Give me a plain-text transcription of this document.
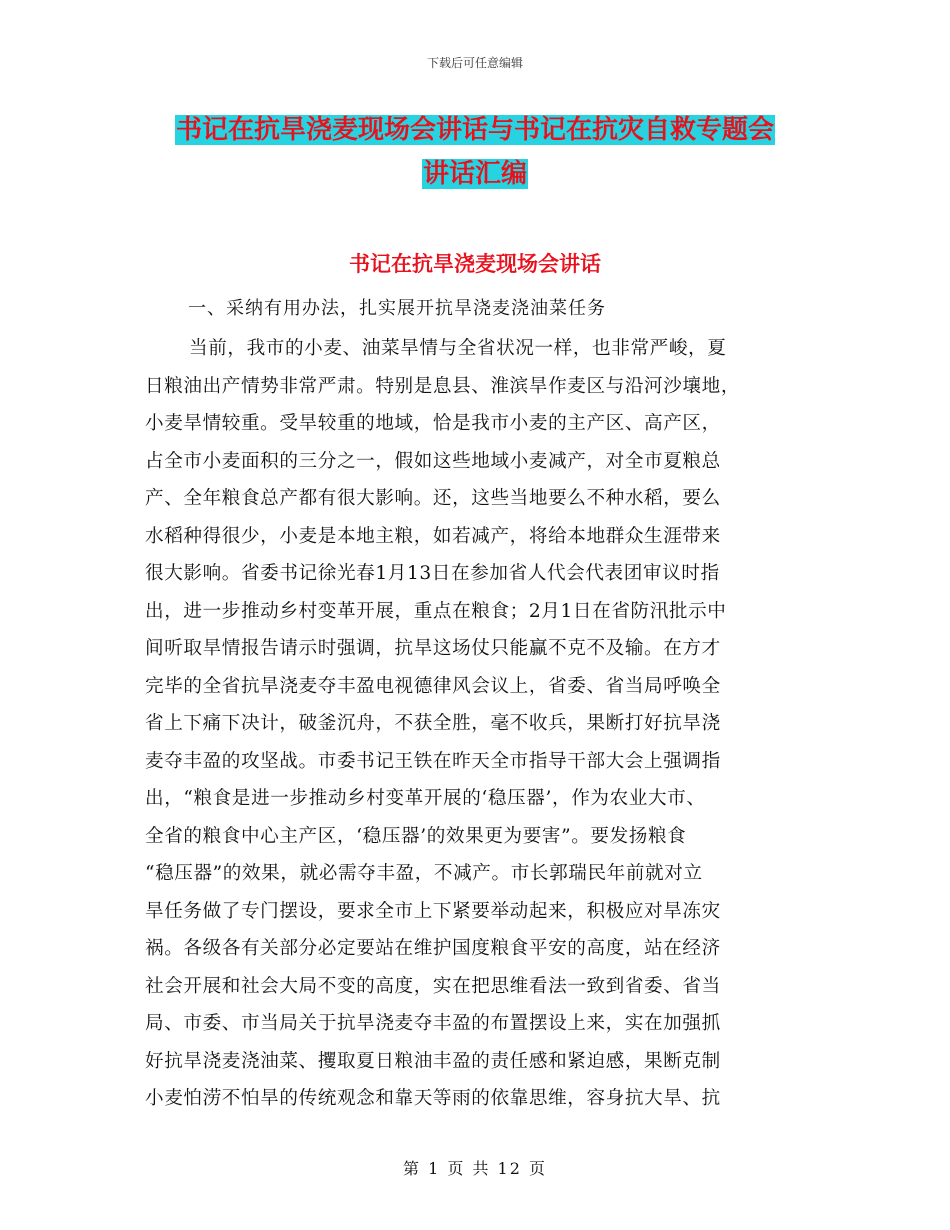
下载后可任意编辑
书记在抗旱浇麦现场会讲话与书记在抗灾自救专题会
讲话汇编
书记在抗旱浇麦现场会讲话
一、采纳有用办法，扎实展开抗旱浇麦浇油菜任务
当前，我市的小麦、油菜旱情与全省状况一样，也非常严峻，夏
日粮油出产情势非常严肃。特别是息县、淮滨旱作麦区与沿河沙壤地，
小麦旱情较重。受旱较重的地域，恰是我市小麦的主产区、高产区，
占全市小麦面积的三分之一，假如这些地域小麦减产，对全市夏粮总
产、全年粮食总产都有很大影响。还，这些当地要么不种水稻，要么
水稻种得很少，小麦是本地主粮，如若减产，将给本地群众生涯带来
很大影响。省委书记徐光春1月13日在参加省人代会代表团审议时指
出，进一步推动乡村变革开展，重点在粮食；2月1日在省防汛批示中
间听取旱情报告请示时强调，抗旱这场仗只能赢不克不及输。在方才
完毕的全省抗旱浇麦夺丰盈电视德律风会议上，省委、省当局呼唤全
省上下痛下决计，破釜沉舟，不获全胜，毫不收兵，果断打好抗旱浇
麦夺丰盈的攻坚战。市委书记王铁在昨天全市指导干部大会上强调指
出，“粮食是进一步推动乡村变革开展的‘稳压器’，作为农业大市、
全省的粮食中心主产区，‘稳压器’的效果更为要害”。要发扬粮食
“稳压器”的效果，就必需夺丰盈，不减产。市长郭瑞民年前就对立
旱任务做了专门摆设，要求全市上下紧要举动起来，积极应对旱冻灾
祸。各级各有关部分必定要站在维护国度粮食平安的高度，站在经济
社会开展和社会大局不变的高度，实在把思维看法一致到省委、省当
局、市委、市当局关于抗旱浇麦夺丰盈的布置摆设上来，实在加强抓
好抗旱浇麦浇油菜、攫取夏日粮油丰盈的责任感和紧迫感，果断克制
小麦怕涝不怕旱的传统观念和靠天等雨的依靠思维，容身抗大旱、抗
第 1 页 共 12 页
